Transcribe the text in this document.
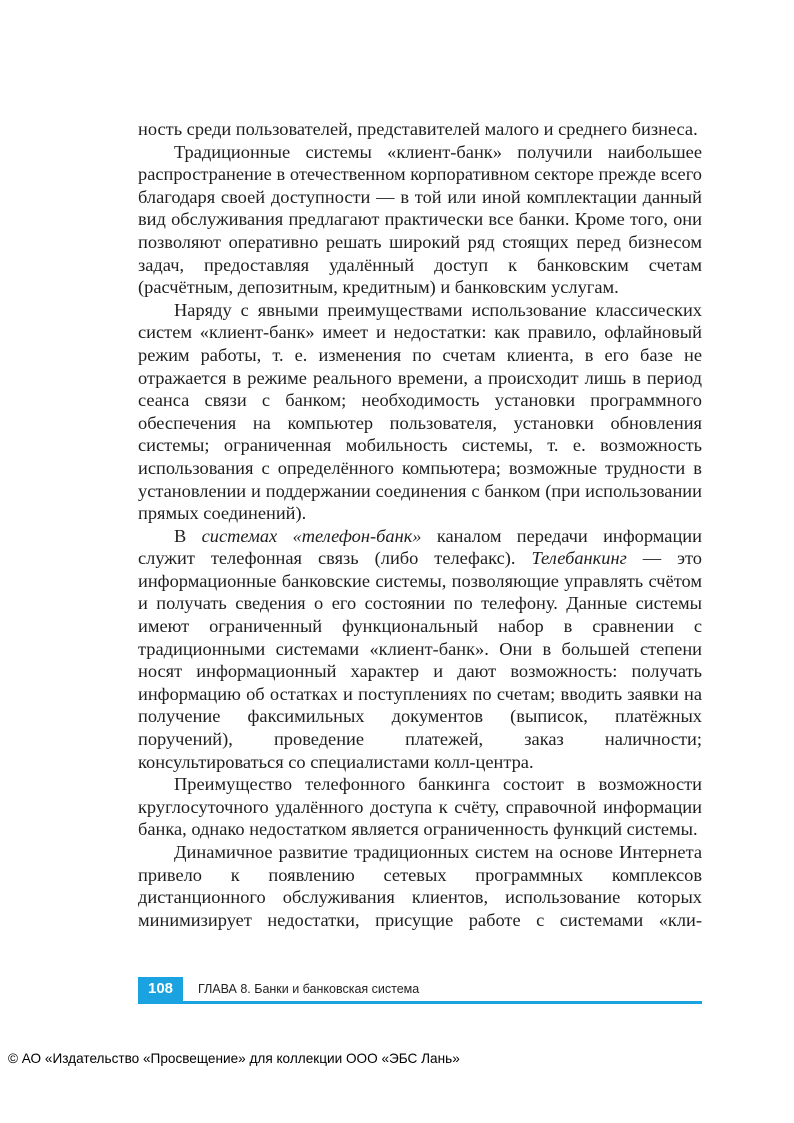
ность среди пользователей, представителей малого и среднего бизнеса.

Традиционные системы «клиент-банк» получили наибольшее распространение в отечественном корпоративном секторе прежде всего благодаря своей доступности — в той или иной комплектации данный вид обслуживания предлагают практически все банки. Кроме того, они позволяют оперативно решать широкий ряд стоящих перед бизнесом задач, предоставляя удалённый доступ к банковским счетам (расчётным, депозитным, кредитным) и банковским услугам.

Наряду с явными преимуществами использование классических систем «клиент-банк» имеет и недостатки: как правило, офлайновый режим работы, т. е. изменения по счетам клиента, в его базе не отражается в режиме реального времени, а происходит лишь в период сеанса связи с банком; необходимость установки программного обеспечения на компьютер пользователя, установки обновления системы; ограниченная мобильность системы, т. е. возможность использования с определённого компьютера; возможные трудности в установлении и поддержании соединения с банком (при использовании прямых соединений).

В системах «телефон-банк» каналом передачи информации служит телефонная связь (либо телефакс). Телебанкинг — это информационные банковские системы, позволяющие управлять счётом и получать сведения о его состоянии по телефону. Данные системы имеют ограниченный функциональный набор в сравнении с традиционными системами «клиент-банк». Они в большей степени носят информационный характер и дают возможность: получать информацию об остатках и поступлениях по счетам; вводить заявки на получение факсимильных документов (выписок, платёжных поручений), проведение платежей, заказ наличности; консультироваться со специалистами колл-центра.

Преимущество телефонного банкинга состоит в возможности круглосуточного удалённого доступа к счёту, справочной информации банка, однако недостатком является ограниченность функций системы.

Динамичное развитие традиционных систем на основе Интернета привело к появлению сетевых программных комплексов дистанционного обслуживания клиентов, использование которых минимизирует недостатки, присущие работе с системами «кли-

108	ГЛАВА 8. Банки и банковская система
© АО «Издательство «Просвещение» для коллекции ООО «ЭБС Лань»
